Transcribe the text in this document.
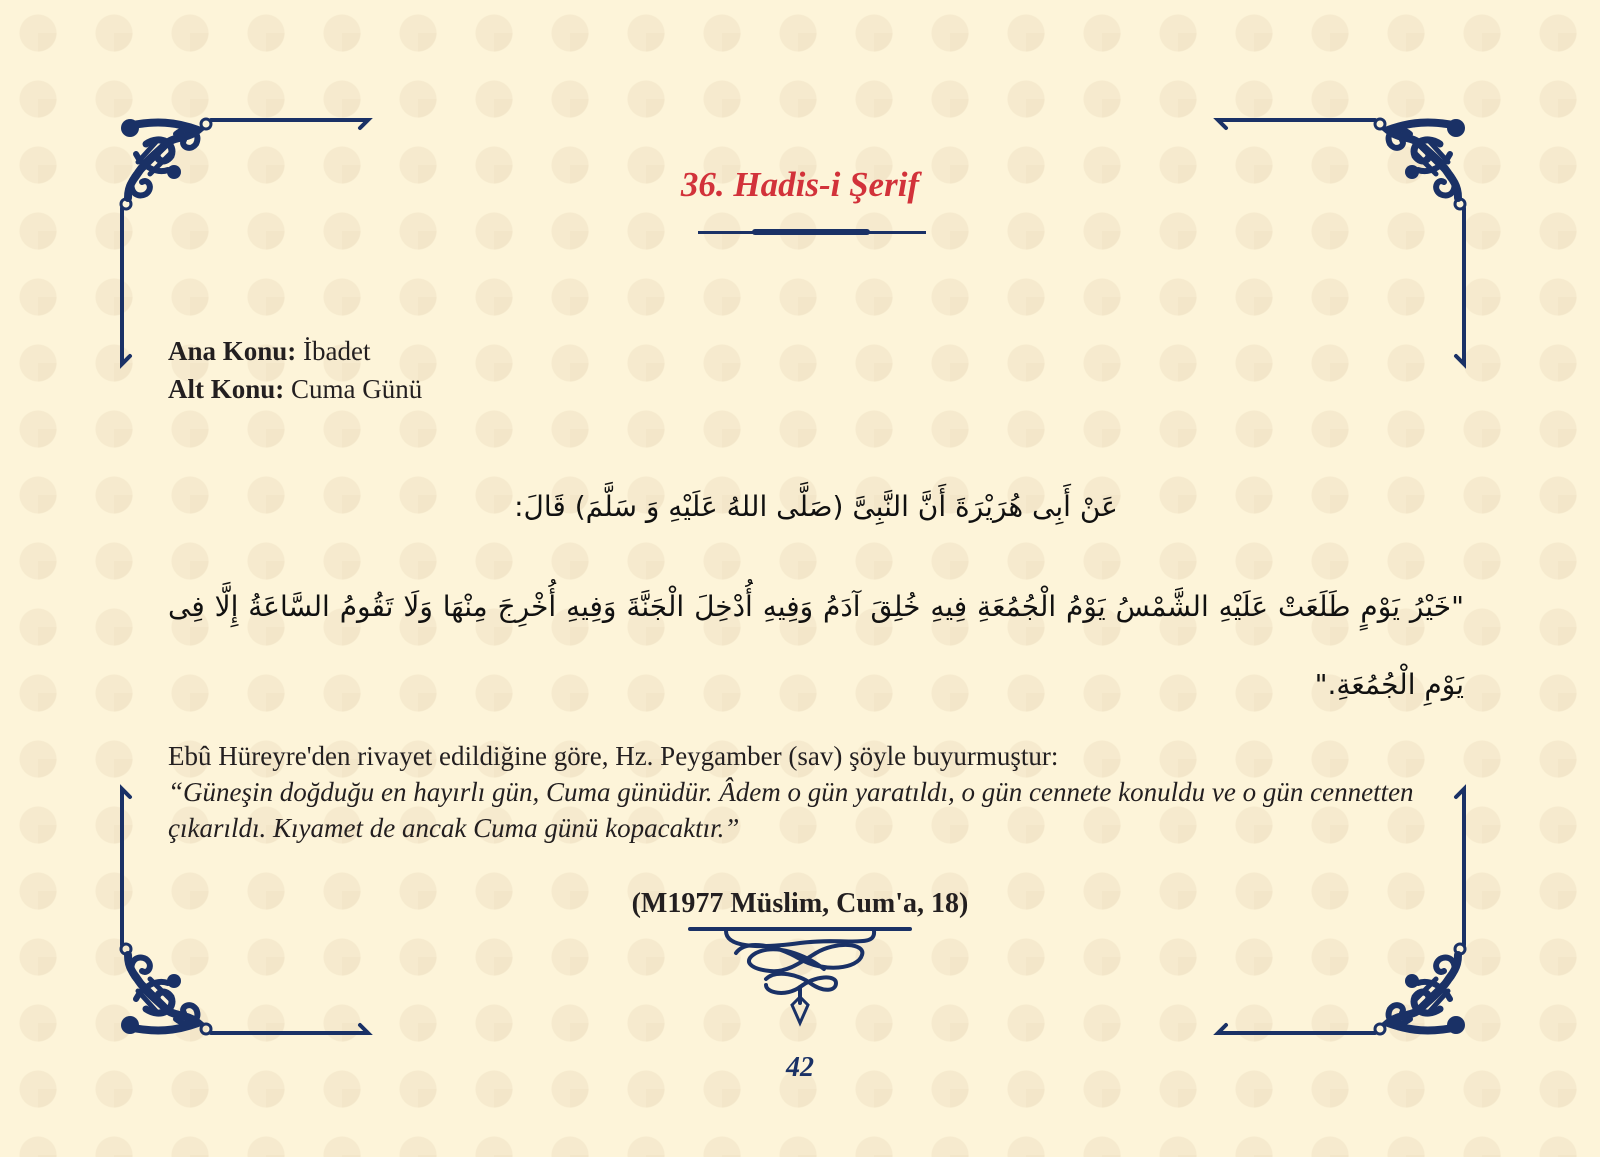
36. Hadis-i Şerif
Ana Konu: İbadet
Alt Konu: Cuma Günü
عَنْ أَبِى هُرَيْرَةَ أَنَّ النَّبِىَّ (صَلَّى اللهُ عَلَيْهِ وَ سَلَّمَ) قَالَ:
"خَيْرُ يَوْمٍ طَلَعَتْ عَلَيْهِ الشَّمْسُ يَوْمُ الْجُمُعَةِ فِيهِ خُلِقَ آدَمُ وَفِيهِ أُدْخِلَ الْجَنَّةَ وَفِيهِ أُخْرِجَ مِنْهَا وَلَا تَقُومُ السَّاعَةُ إِلَّا فِى يَوْمِ الْجُمُعَةِ."
Ebû Hüreyre'den rivayet edildiğine göre, Hz. Peygamber (sav) şöyle buyurmuştur:
“Güneşin doğduğu en hayırlı gün, Cuma günüdür. Âdem o gün yaratıldı, o gün cennete konuldu ve o gün cennetten çıkarıldı. Kıyamet de ancak Cuma günü kopacaktır.”
(M1977 Müslim, Cum'a, 18)
42
